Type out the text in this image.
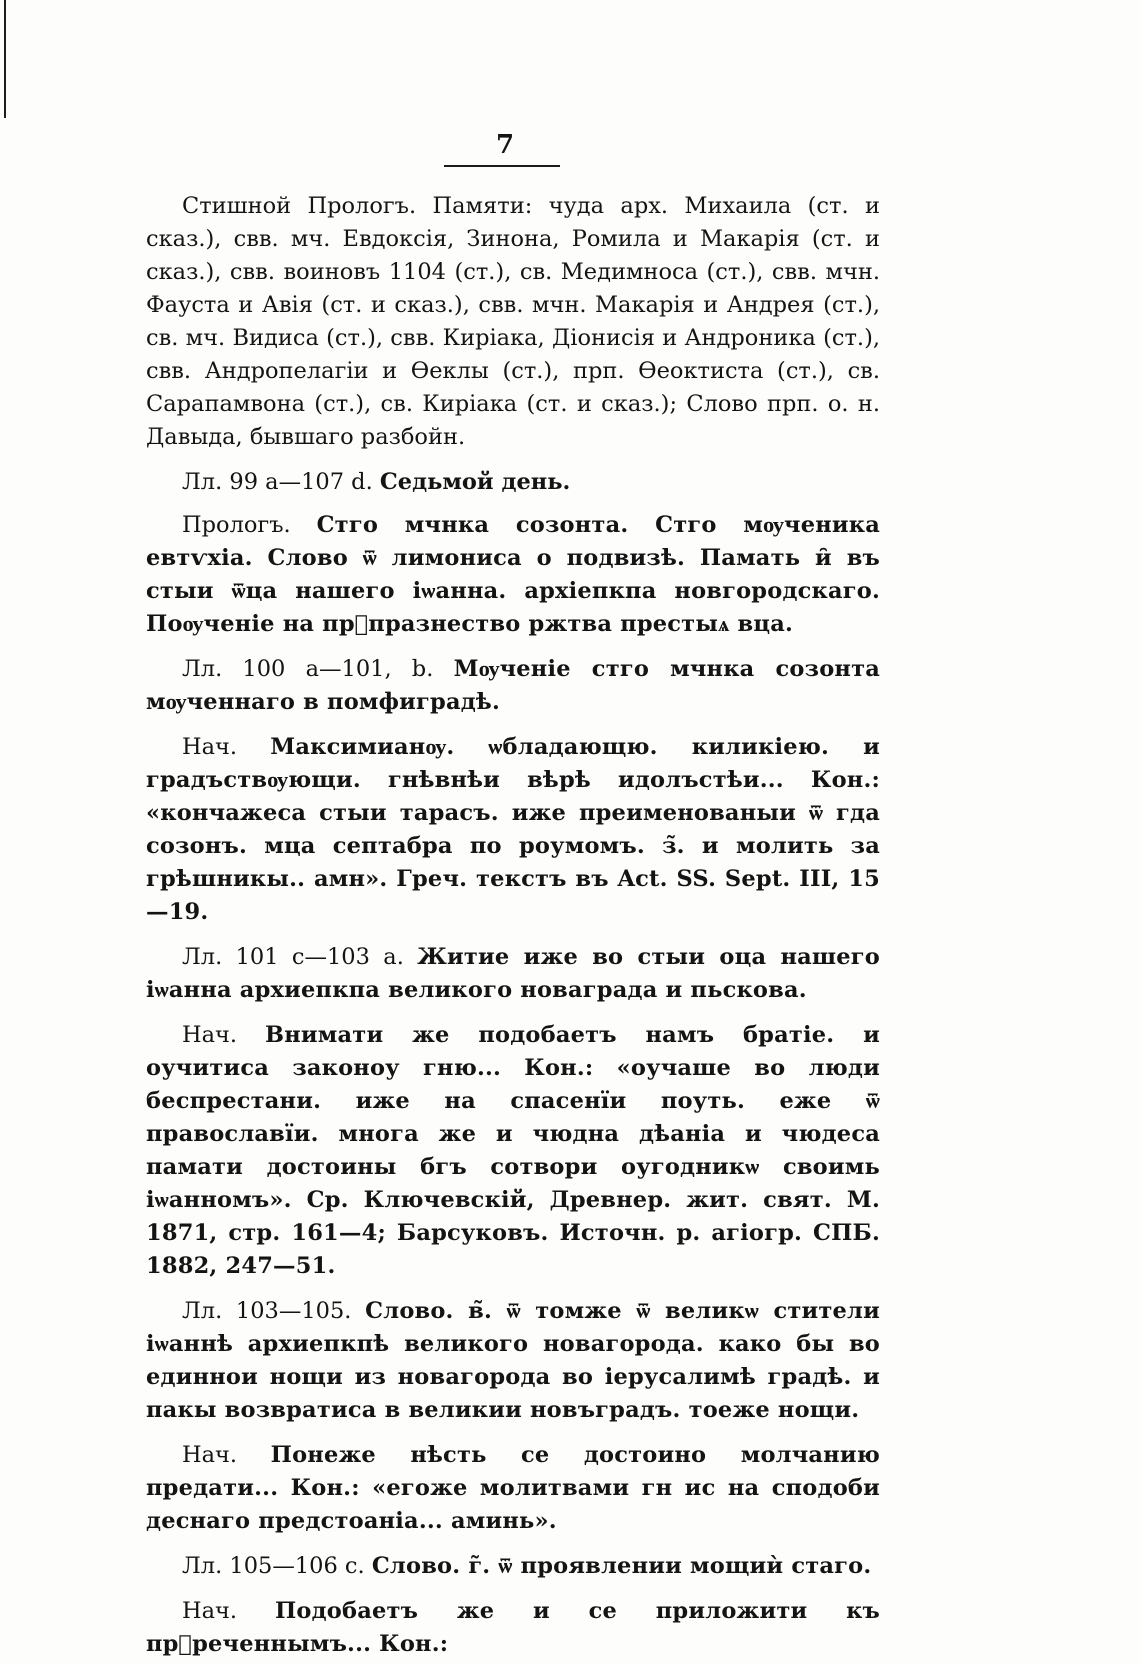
7

Стишной Прологъ. Памяти: чуда арх. Михаила (ст. и сказ.), свв. мч. Евдоксія, Зинона, Ромила и Макарія (ст. и сказ.), свв. воиновъ 1104 (ст.), св. Медимноса (ст.), свв. мчн. Фауста и Авія (ст. и сказ.), свв. мчн. Макарія и Андрея (ст.), св. мч. Видиса (ст.), свв. Киріака, Діонисія и Андроника (ст.), свв. Андропелагіи и Өеклы (ст.), прп. Өеоктиста (ст.), св. Сарапамвона (ст.), св. Киріака (ст. и сказ.); Слово прп. о. н. Давыда, бывшаго разбойн.

Лл. 99 a—107 d. Седьмой день.

Прологъ. Стго мчнка созонта. Стго мѹченика евтѵхіа. Слово ѿ лимониса о подвизѣ. Памать и̑ въ стыи ѿца нашего іѡанна. архіепкпа новгородскаго. Поѹченіе на прⷣпразнество ржтва престыѧ вца.

Лл. 100 a—101, b. Мѹченіе стго мчнка созонта мѹченнаго в помфиградѣ.

Нач. Максимианѹ. ѡбладающю. киликіею. и градъствѹющи. гнѣвнѣи вѣрѣ идолъстѣи... Кон.: «кончажеса стыи тарасъ. иже преименованыи ѿ гда созонъ. мца септабра по роумомъ. з̃. и молить за грѣшникы.. амн». Греч. текстъ въ Act. SS. Sept. III, 15—19.

Лл. 101 c—103 a. Житие иже во стыи оца нашего іѡанна архиепкпа великого новаграда и пьскова.

Нач. Внимати же подобаетъ намъ братіе. и оучитиса законоу гню... Кон.: «оучаше во люди беспрестани. иже на спасенїи поуть. еже ѿ православїи. многа же и чюдна дѣаніа и чюдеса памати достоины бгъ сотвори оугодникѡ своимь іѡанномъ». Ср. Ключевскій, Древнер. жит. свят. М. 1871, стр. 161—4; Барсуковъ. Источн. р. агіогр. СПБ. 1882, 247—51.

Лл. 103—105. Слово. в̃. ѿ томже ѿ великѡ стители іѡаннѣ архиепкпѣ великого новагорода. како бы во единнои нощи из новагорода во іерусалимѣ градѣ. и пакы возвратиса в великии новъградъ. тоеже нощи.

Нач. Понеже нѣсть се достоино молчанию предати... Кон.: «егоже молитвами гн ис на сподоби деснаго предстоаніа... аминь».

Лл. 105—106 c. Слово. г̃. ѿ проявлении мощиѝ стаго.

Нач. Подобаетъ же и се приложити къ прⷣреченнымъ... Кон.:
